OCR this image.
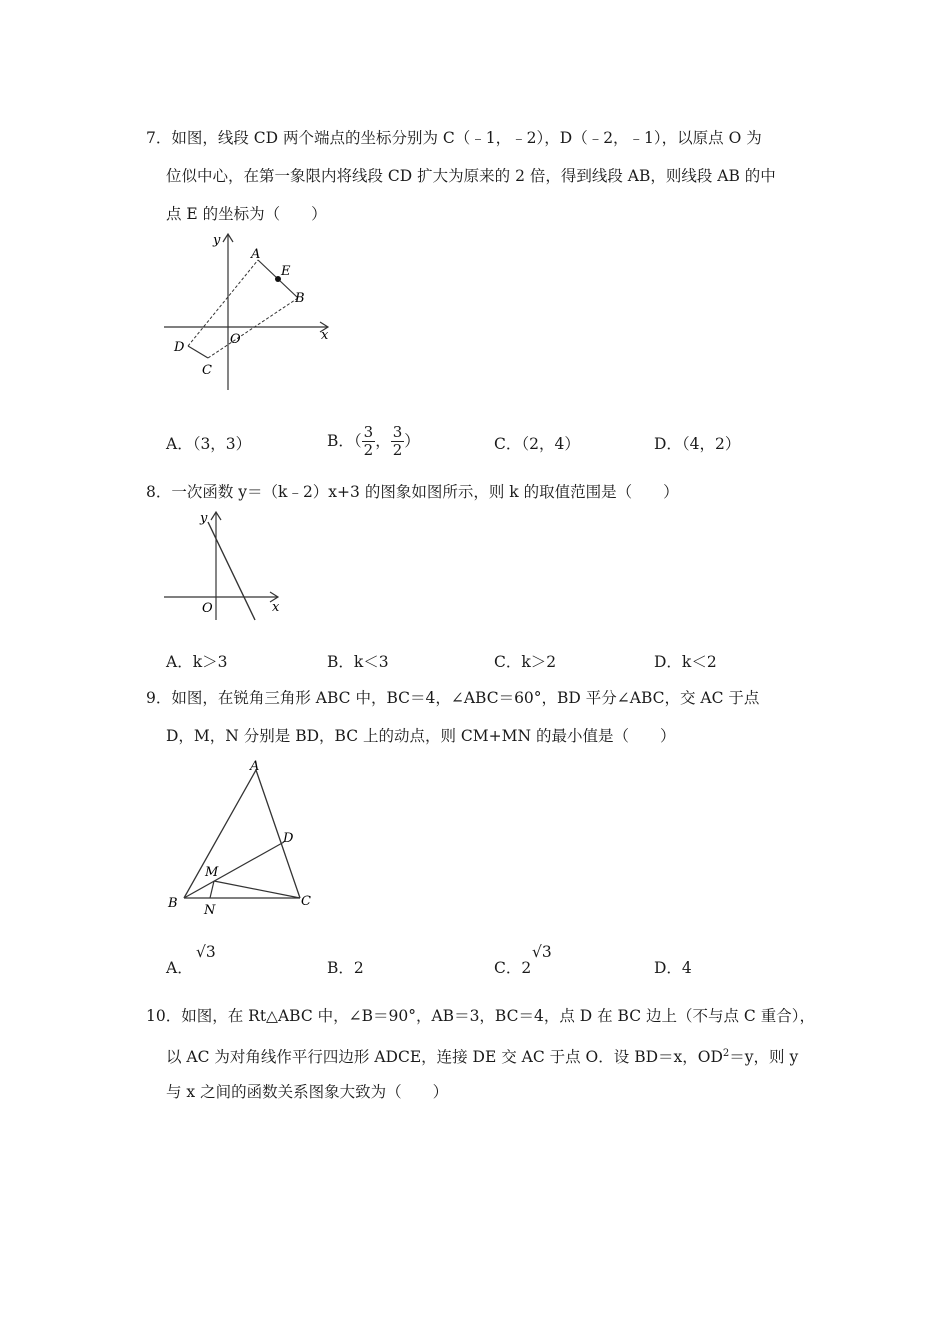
7．如图，线段 CD 两个端点的坐标分别为 C（﹣1，﹣2），D（﹣2，﹣1），以原点 O 为
位似中心，在第一象限内将线段 CD 扩大为原来的 2 倍，得到线段 AB，则线段 AB 的中
点 E 的坐标为（　　）
y
x
A
E
B
O
D
C
A．（3，3）	B．（ $\frac{3}{2}$ ， $\frac{3}{2}$ ）	C．（2，4）	D．（4，2）
8．一次函数 y＝（k﹣2）x+3 的图象如图所示，则 k 的取值范围是（　　）
y
x
O
A．k＞3	B．k＜3	C．k＞2	D．k＜2
9．如图，在锐角三角形 ABC 中，BC＝4，∠ABC＝60°，BD 平分∠ABC，交 AC 于点
D，M，N 分别是 BD，BC 上的动点，则 CM+MN 的最小值是（　　）
A
D
M
B N
C
A．
√3
B．2	C．2
√3
D．4
10．如图，在 Rt△ABC 中，∠B＝90°，AB＝3，BC＝4，点 D 在 BC 边上（不与点 C 重合），
以 AC 为对角线作平行四边形 ADCE，连接 DE 交 AC 于点 O．设 BD＝x，$OD^2=y$，则 y
与 x 之间的函数关系图象大致为（　　）
